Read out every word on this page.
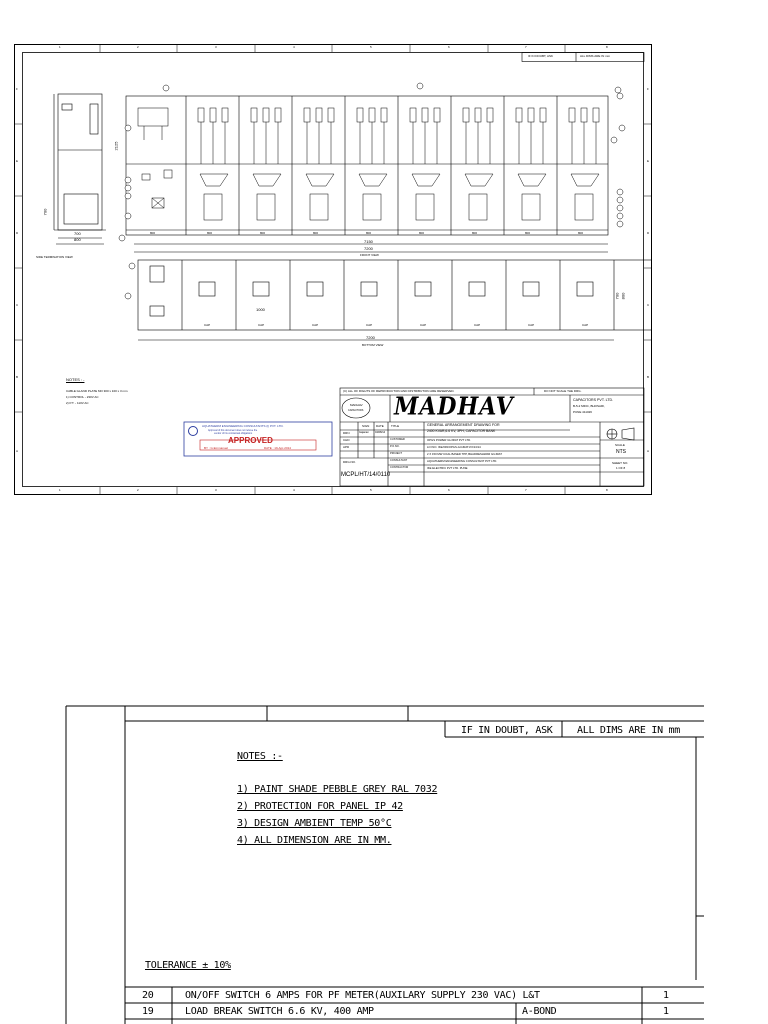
1	2	3	4	5	6	7	8
1	2	3	4	5	6	7	8
F
E
D
C
B
A
F
E
D
C
B
A
IF IN DOUBT, ASK	ALL DIMS ARE IN mm
2125
700
700
800
SIDE TERMINATION VIEW
800	800	800	800	800	800	800	800	800
7150
7200
FRONT VIEW
1000
700 800
CAP	CAP	CAP	CAP	CAP	CAP	CAP	CAP
7200
BOTTOM VIEW
NOTES : -
CABLE GLAND PLATE MO 300 x 100 x 3 mm
1) CONTROL - 230V AC
2) P.T. - 110V AC
AQUATHERM ENGINEERING CONSULTANTS (I) PVT. LTD.
Approval of this document does not relieve the
vendor of his contractual obligations
APPROVED
BY : G.Emmanuel	DATE : 19-Apr-2014
(C) ALL OF RIGHTS OF REPRODUCTION AND DISTRIBUTION ARE RESERVED.	DO NOT SCALE THE DRG.
MADHAV
CAPACITORS MADHAV	CAPACITORS PVT. LTD.
B-5-2 MIDC, BHOSARI,
PUNE 411026
SIGN DATE
DRN	Gajanan 04/08/14
CHD
APD
TITLE	GENERAL ARRANGEMENT DRAWING FOR
2400 KVAR,6.6 KV, 3PH, CAPACITOR BANK
CUSTOMER	OPGS POWER GUJRAT PVT LTD.
P.O.NO.	LOI NO. IKE/093/OPGS-GUJRAT-P2/13/14
PROJECT	2 X 150 MW COAL BASED TPP, BHADRESHWAR GUJRAT
CONSULTANT	AQUATHERM ENGINEERING CONSULTANT PVT LTD.
CONTRACTOR	IKE ELECTRIC PVT LTD. PUNE
DRG.NO.
MCPL/HT/14/0110
SCALE
NTS
SHEET NO.
1 OF 8
IF IN DOUBT, ASK ALL DIMS ARE IN mm
NOTES :-
1) PAINT SHADE PEBBLE GREY RAL 7032
2) PROTECTION FOR PANEL IP 42
3) DESIGN AMBIENT TEMP 50°C
4) ALL DIMENSION ARE IN MM.
TOLERANCE ± 10%
20	ON/OFF SWITCH 6 AMPS FOR PF METER(AUXILARY SUPPLY 230 VAC) L&T	1
19	LOAD BREAK SWITCH 6.6 KV, 400 AMP	A-BOND	1
